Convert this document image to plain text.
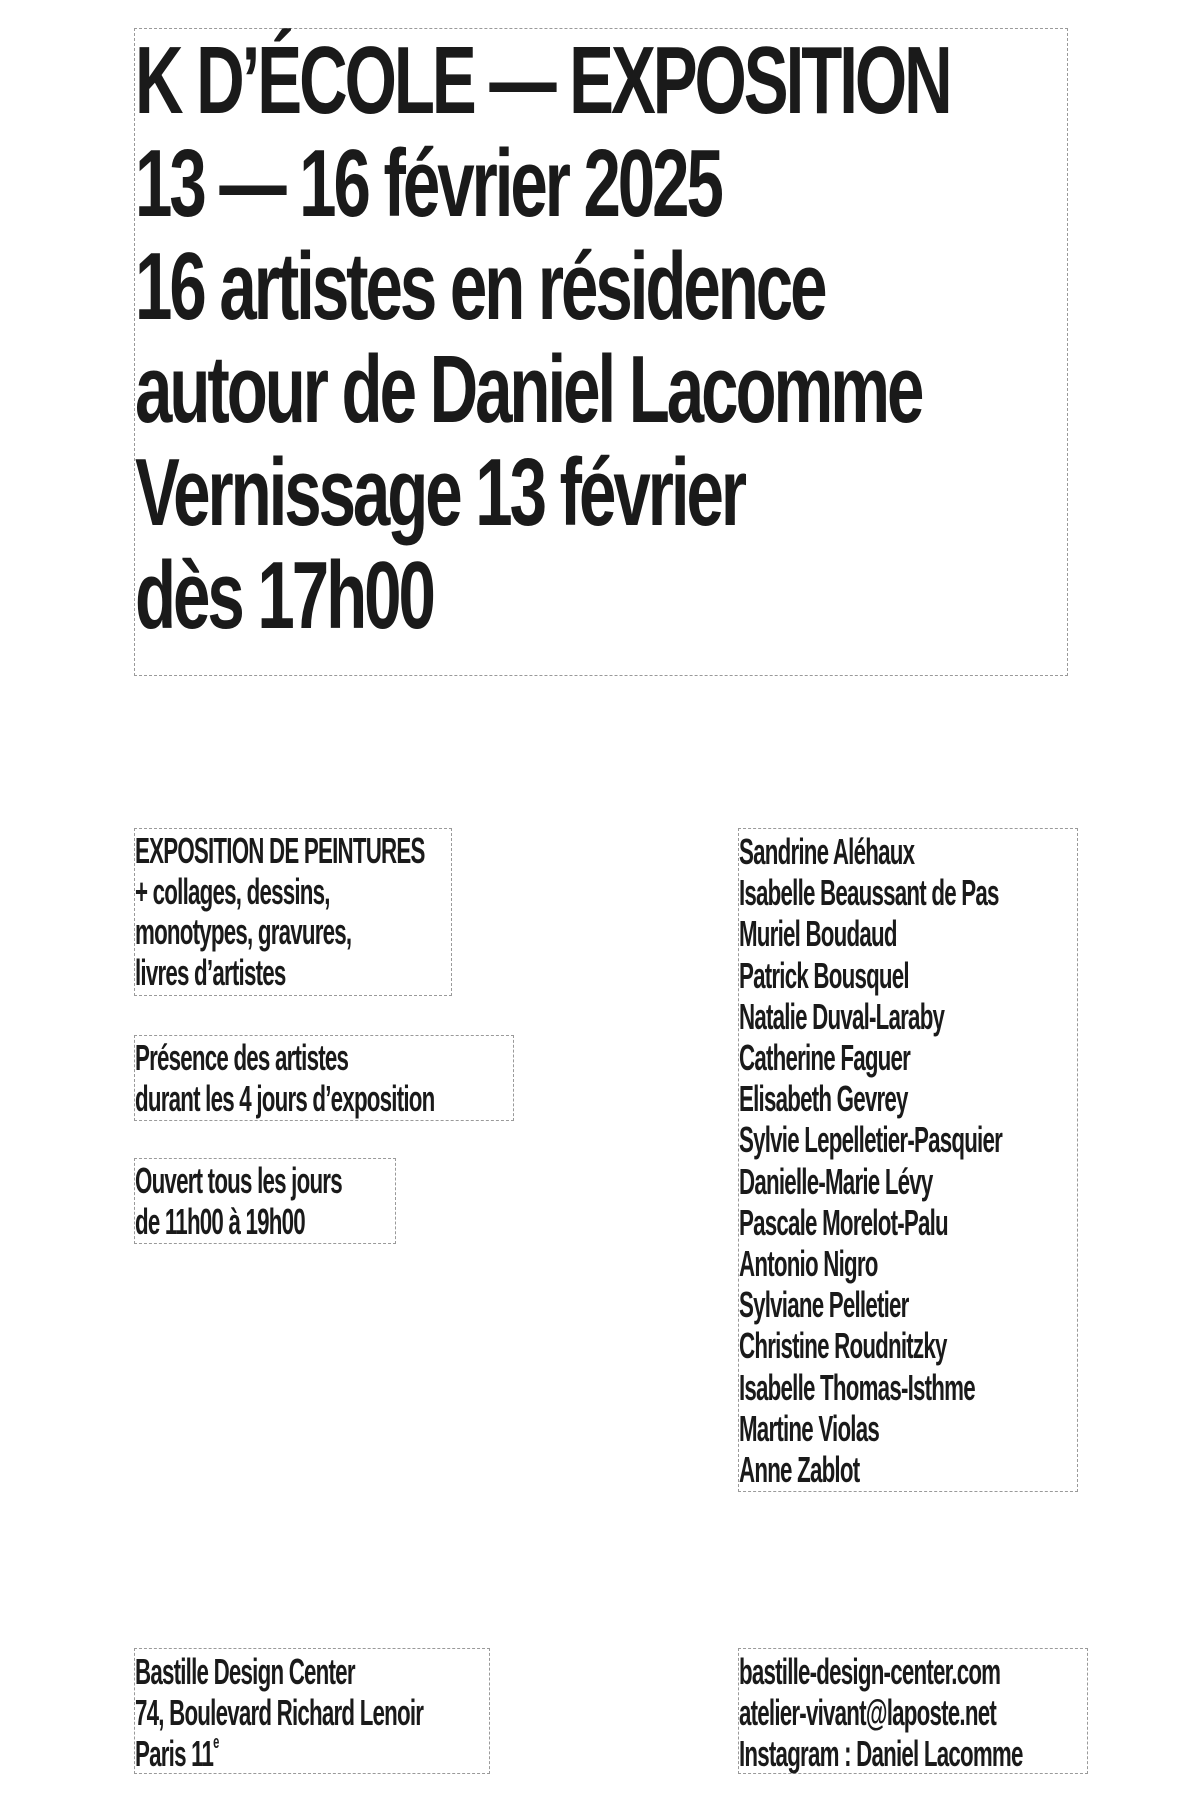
K D’ÉCOLE — EXPOSITION
13 — 16 février 2025
16 artistes en résidence
autour de Daniel Lacomme
Vernissage 13 février
dès 17h00
EXPOSITION DE PEINTURES
+ collages, dessins,
monotypes, gravures,
livres d’artistes
Présence des artistes
durant les 4 jours d’exposition
Ouvert tous les jours
de 11h00 à 19h00
Sandrine Aléhaux
Isabelle Beaussant de Pas
Muriel Boudaud
Patrick Bousquel
Natalie Duval-Laraby
Catherine Faguer
Elisabeth Gevrey
Sylvie Lepelletier-Pasquier
Danielle-Marie Lévy
Pascale Morelot-Palu
Antonio Nigro
Sylviane Pelletier
Christine Roudnitzky
Isabelle Thomas-Isthme
Martine Violas
Anne Zablot
Bastille Design Center
74, Boulevard Richard Lenoir
Paris 11e
bastille-design-center.com
atelier-vivant@laposte.net
Instagram : Daniel Lacomme
